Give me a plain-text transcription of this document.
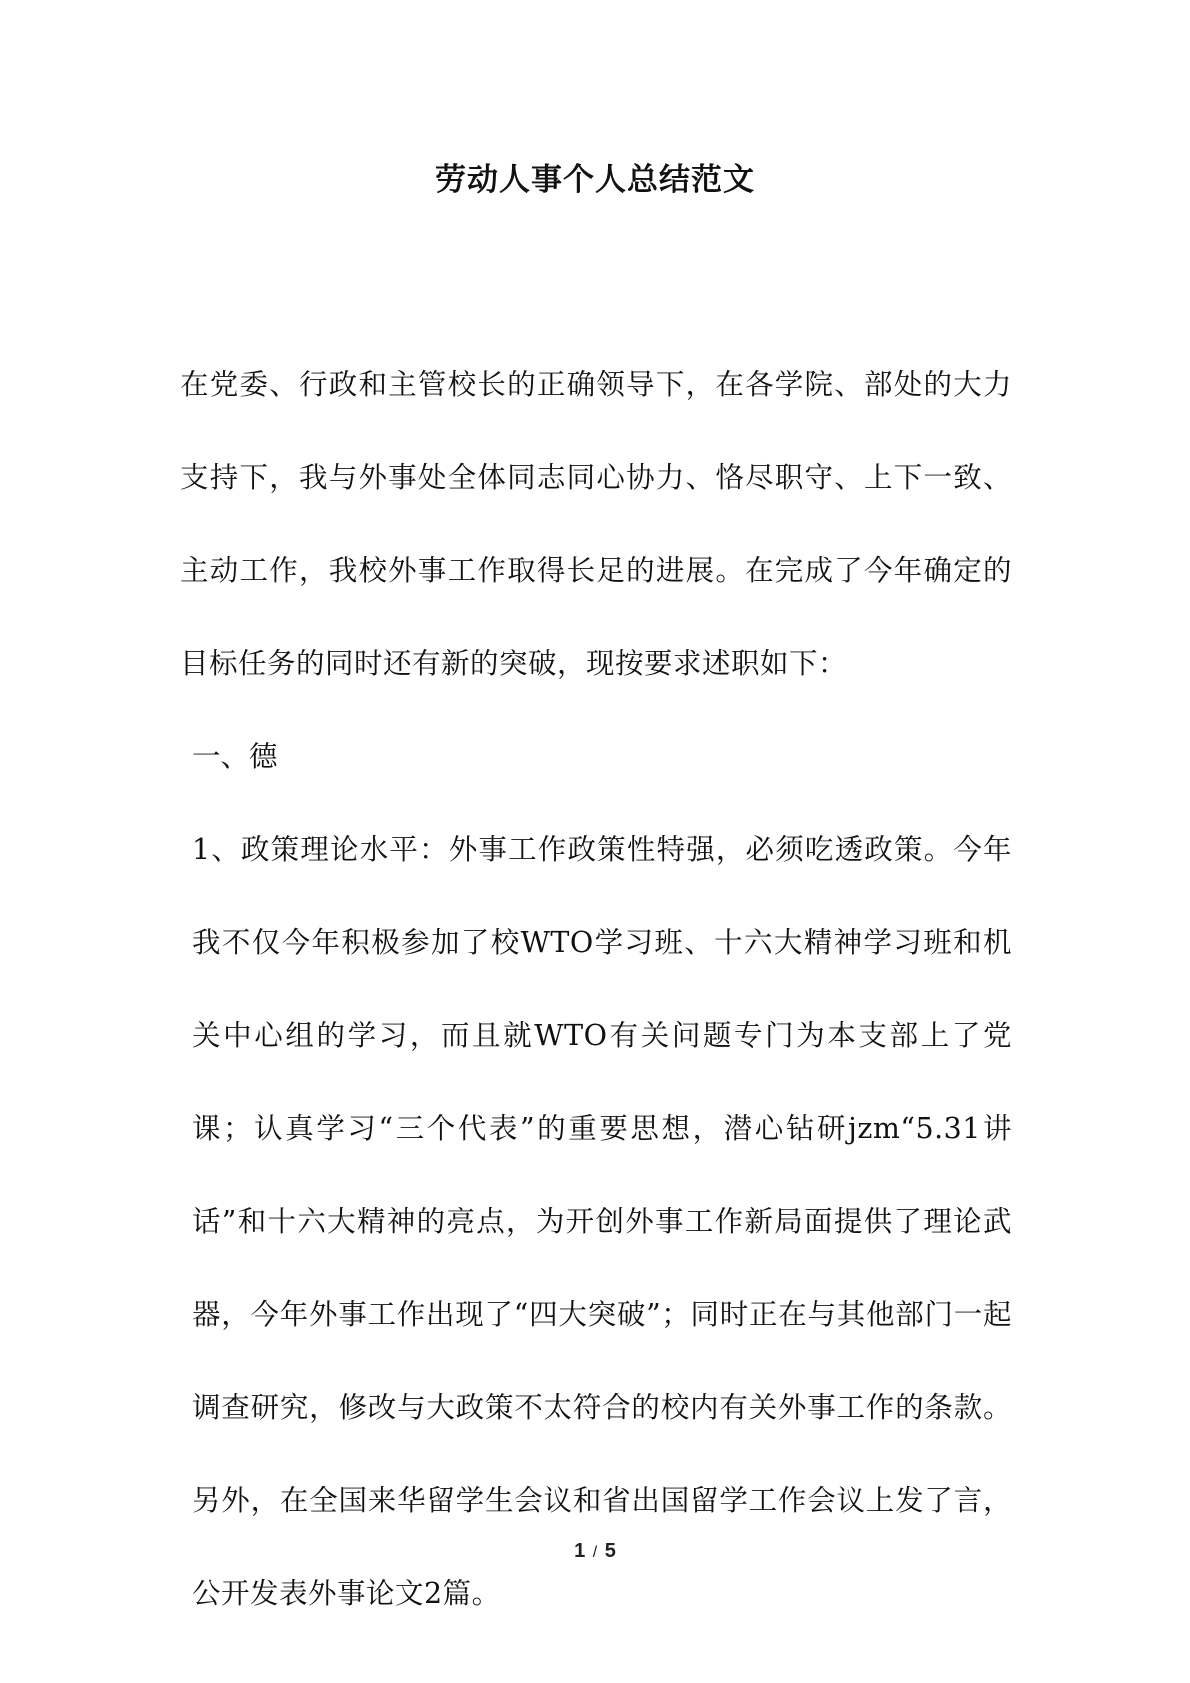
劳动人事个人总结范文

在党委、行政和主管校长的正确领导下，在各学院、部处的大力支持下，我与外事处全体同志同心协力、恪尽职守、上下一致、主动工作，我校外事工作取得长足的进展。在完成了今年确定的目标任务的同时还有新的突破，现按要求述职如下：

一、德

1、政策理论水平：外事工作政策性特强，必须吃透政策。今年我不仅今年积极参加了校WTO学习班、十六大精神学习班和机关中心组的学习，而且就WTO有关问题专门为本支部上了党课；认真学习“三个代表”的重要思想，潜心钻研jzm“5.31讲话”和十六大精神的亮点，为开创外事工作新局面提供了理论武器，今年外事工作出现了“四大突破”；同时正在与其他部门一起调查研究，修改与大政策不太符合的校内有关外事工作的条款。另外，在全国来华留学生会议和省出国留学工作会议上发了言，公开发表外事论文2篇。

1 / 5
